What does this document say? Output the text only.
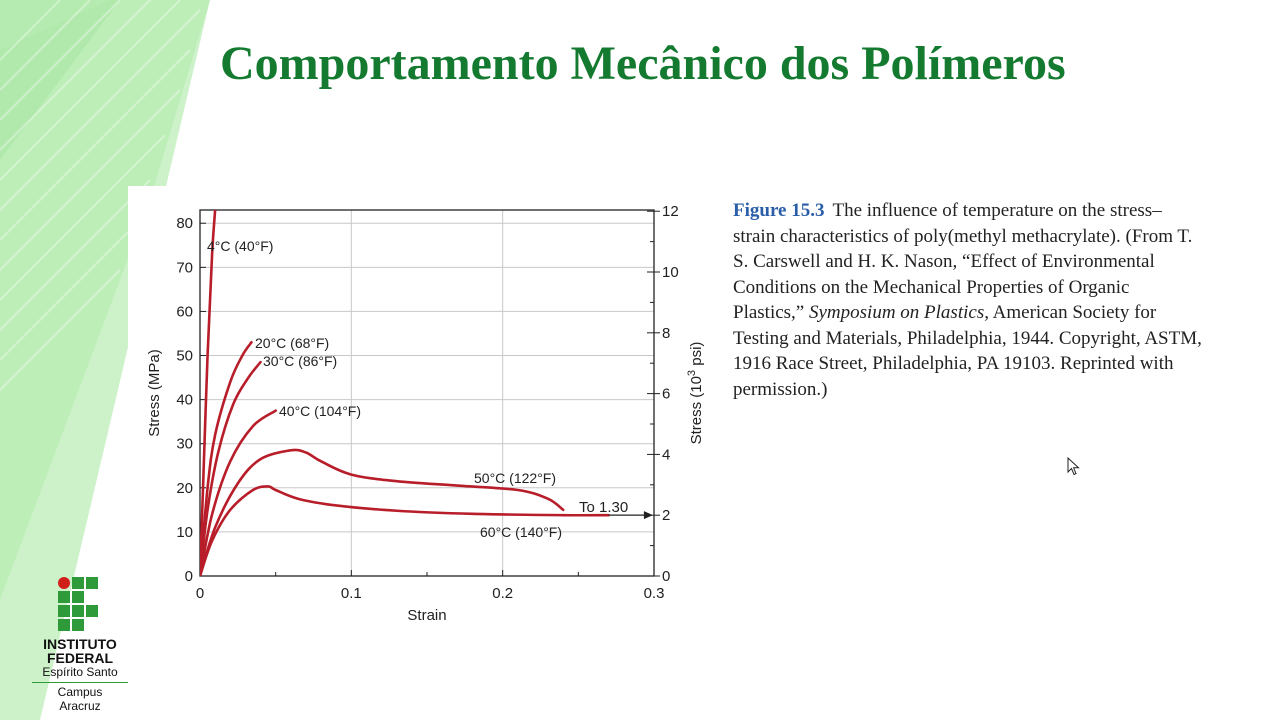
Comportamento Mecânico dos Polímeros
0	0.1	0.2	0.3
0
10
20
30
40
50
60
70
80
0
2
4
6
8
10
12
Strain
Stress (MPa)	Stress ($10^3$ psi)
4°C (40°F)
20°C (68°F)
30°C (86°F)
40°C (104°F)
50°C (122°F)
60°C (140°F)
To 1.30
Figure 15.3 The influence of temperature on the stress–strain characteristics of poly(methyl methacrylate). (From T. S. Carswell and H. K. Nason, “Effect of Environmental Conditions on the Mechanical Properties of Organic Plastics,” Symposium on Plastics, American Society for Testing and Materials, Philadelphia, 1944. Copyright, ASTM, 1916 Race Street, Philadelphia, PA 19103. Reprinted with permission.)
INSTITUTO
FEDERAL
Espírito Santo
Campus
Aracruz
